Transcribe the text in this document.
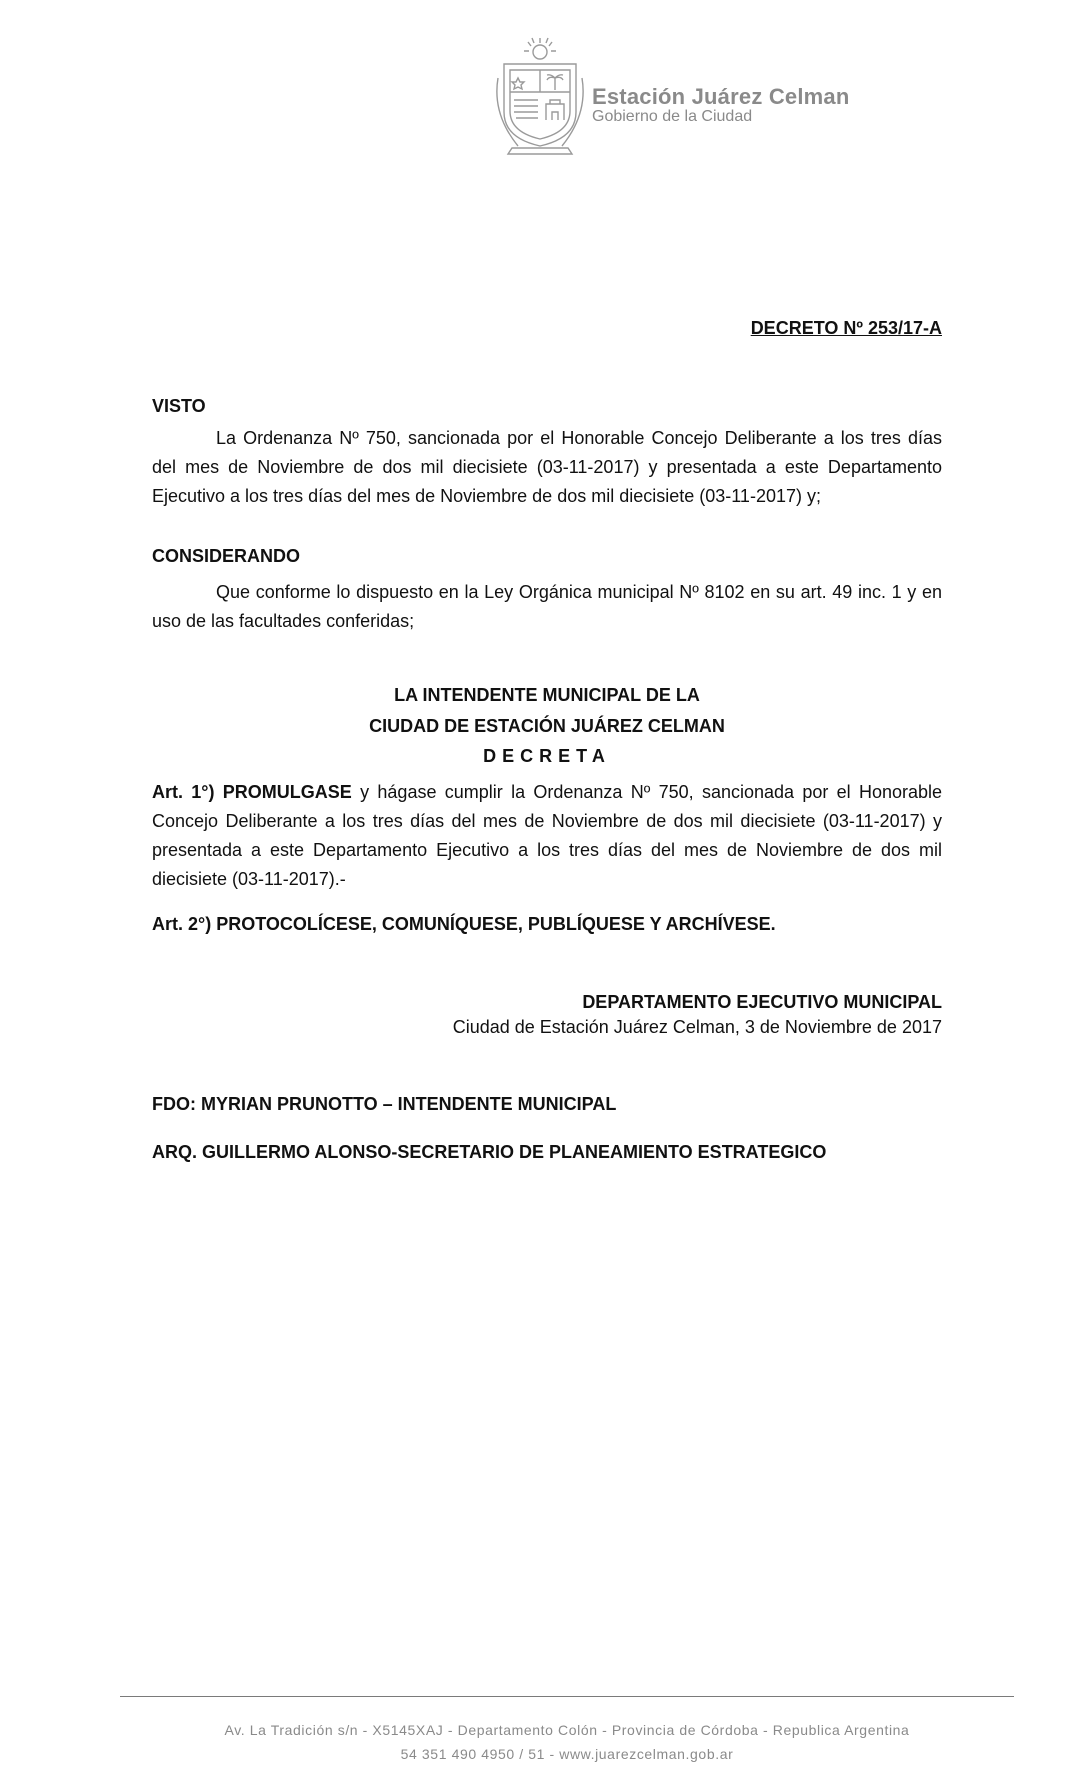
Estación Juárez Celman
Gobierno de la Ciudad
DECRETO Nº 253/17-A
VISTO
La Ordenanza Nº 750, sancionada por el Honorable Concejo Deliberante a los tres días del mes de Noviembre de dos mil diecisiete (03-11-2017) y presentada a este Departamento Ejecutivo a los tres días del mes de Noviembre de dos mil diecisiete (03-11-2017) y;
CONSIDERANDO
Que conforme lo dispuesto en la Ley Orgánica municipal Nº 8102 en su art. 49 inc. 1 y en uso de las facultades conferidas;
LA INTENDENTE MUNICIPAL DE LA
CIUDAD DE ESTACIÓN JUÁREZ CELMAN
DECRETA
Art. 1°) PROMULGASE y hágase cumplir la Ordenanza Nº 750, sancionada por el Honorable Concejo Deliberante a los tres días del mes de Noviembre de dos mil diecisiete (03-11-2017) y presentada a este Departamento Ejecutivo a los tres días del mes de Noviembre de dos mil diecisiete (03-11-2017).-
Art. 2°) PROTOCOLÍCESE, COMUNÍQUESE, PUBLÍQUESE Y ARCHÍVESE.
DEPARTAMENTO EJECUTIVO MUNICIPAL
Ciudad de Estación Juárez Celman, 3 de Noviembre de 2017
FDO: MYRIAN PRUNOTTO – INTENDENTE MUNICIPAL
ARQ. GUILLERMO ALONSO-SECRETARIO DE PLANEAMIENTO ESTRATEGICO
Av. La Tradición s/n - X5145XAJ - Departamento Colón - Provincia de Córdoba - Republica Argentina
54 351 490 4950 / 51 - www.juarezcelman.gob.ar
